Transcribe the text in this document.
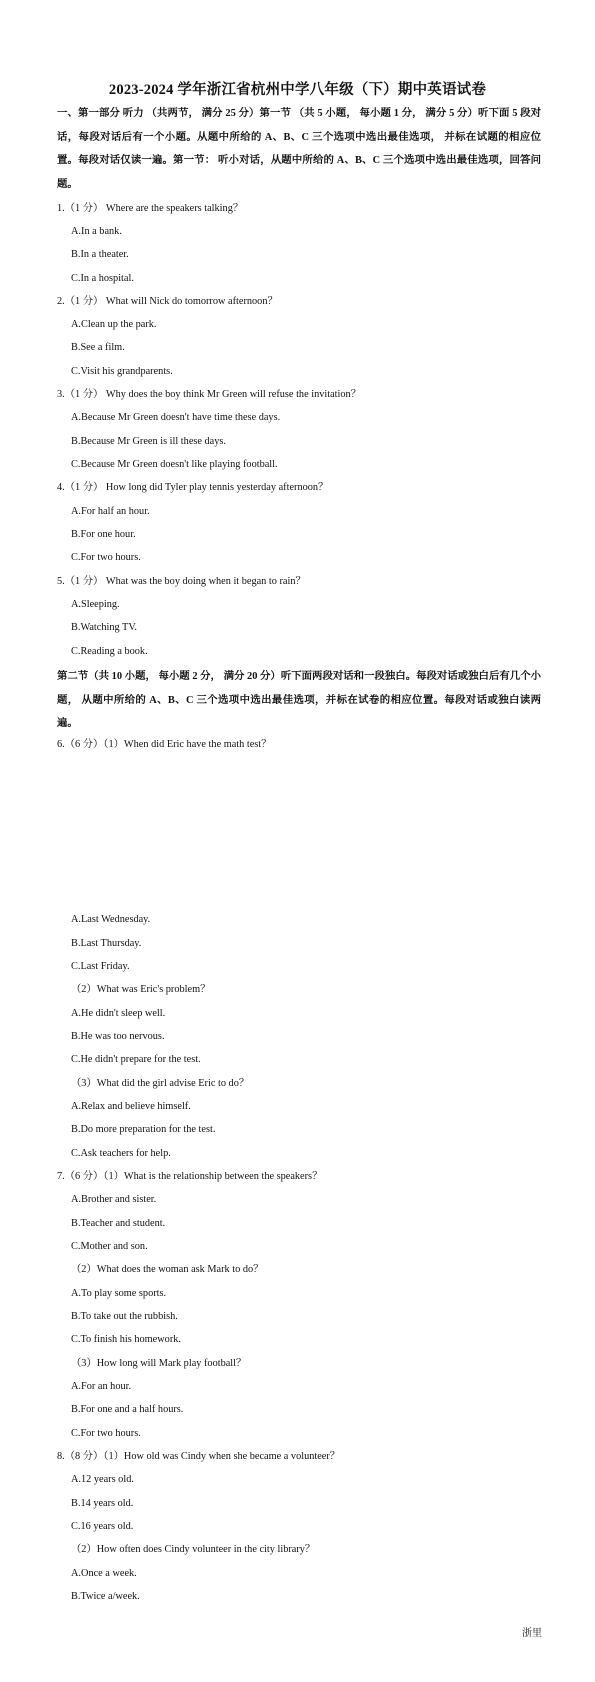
2023-2024 学年浙江省杭州中学八年级（下）期中英语试卷
一、第一部分 听力 （共两节， 满分 25 分）第一节 （共 5 小题， 每小题 1 分， 满分 5 分）听下面 5 段对话，每段对话后有一个小题。从题中所给的 A、B、C 三个选项中选出最佳选项， 并标在试题的相应位置。每段对话仅读一遍。第一节： 听小对话，从题中所给的 A、B、C 三个选项中选出最佳选项，回答问题。
1.（1 分） Where are the speakers talking？
A.In a bank.
B.In a theater.
C.In a hospital.
2.（1 分） What will Nick do tomorrow afternoon？
A.Clean up the park.
B.See a film.
C.Visit his grandparents.
3.（1 分） Why does the boy think Mr Green will refuse the invitation？
A.Because Mr Green doesn't have time these days.
B.Because Mr Green is ill these days.
C.Because Mr Green doesn't like playing football.
4.（1 分） How long did Tyler play tennis yesterday afternoon？
A.For half an hour.
B.For one hour.
C.For two hours.
5.（1 分） What was the boy doing when it began to rain？
A.Sleeping.
B.Watching TV.
C.Reading a book.
第二节（共 10 小题， 每小题 2 分， 满分 20 分）听下面两段对话和一段独白。每段对话或独白后有几个小题， 从题中所给的 A、B、C 三个选项中选出最佳选项，并标在试卷的相应位置。每段对话或独白读两遍。
6.（6 分）（1）When did Eric have the math test？
A.Last Wednesday.
B.Last Thursday.
C.Last Friday.
（2）What was Eric's problem？
A.He didn't sleep well.
B.He was too nervous.
C.He didn't prepare for the test.
（3）What did the girl advise Eric to do？
A.Relax and believe himself.
B.Do more preparation for the test.
C.Ask teachers for help.
7.（6 分）（1）What is the relationship between the speakers？
A.Brother and sister.
B.Teacher and student.
C.Mother and son.
（2）What does the woman ask Mark to do？
A.To play some sports.
B.To take out the rubbish.
C.To finish his homework.
（3）How long will Mark play football？
A.For an hour.
B.For one and a half hours.
C.For two hours.
8.（8 分）（1）How old was Cindy when she became a volunteer？
A.12 years old.
B.14 years old.
C.16 years old.
（2）How often does Cindy volunteer in the city library？
A.Once a week.
B.Twice a/week.
浙里
